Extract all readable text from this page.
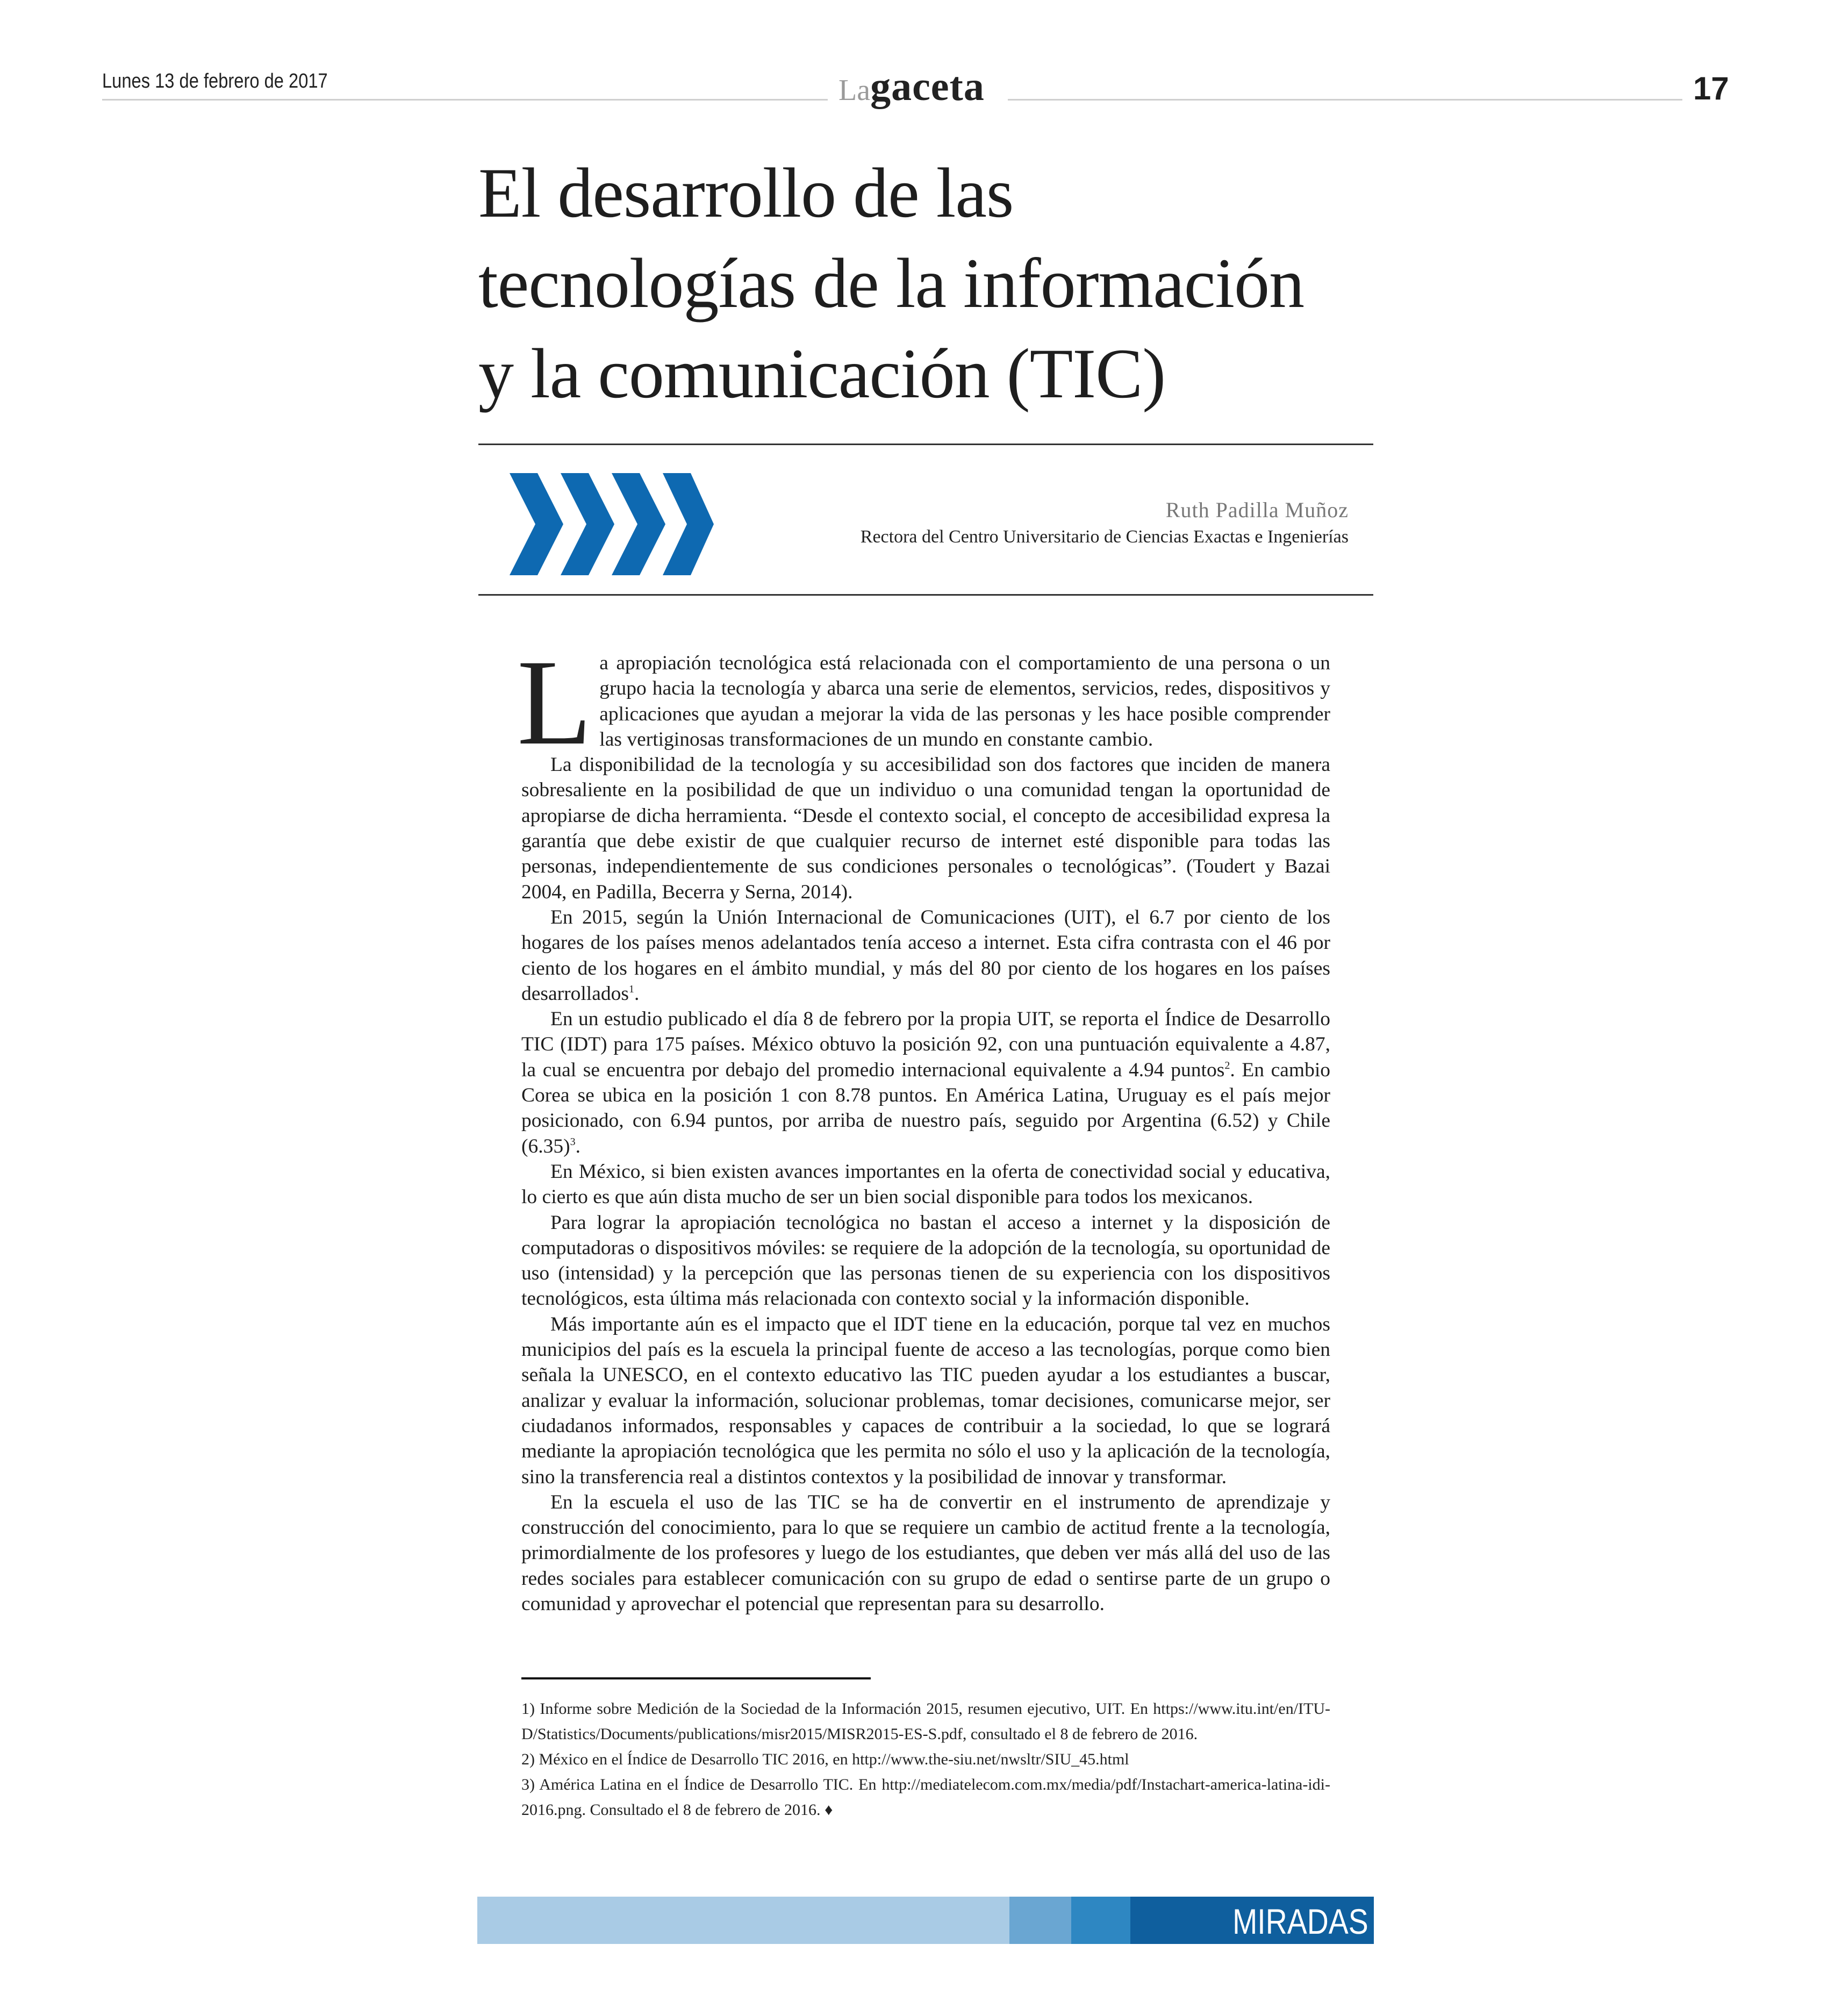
Lunes 13 de febrero de 2017	Lagaceta	17
El desarrollo de las
tecnologías de la información
y la comunicación (TIC)
Ruth Padilla Muñoz
Rectora del Centro Universitario de Ciencias Exactas e Ingenierías

La apropiación tecnológica está relacionada con el comportamiento de una persona o un grupo hacia la tecnología y abarca una serie de elementos, servicios, redes, dispositivos y aplicaciones que ayudan a mejorar la vida de las personas y les hace posible comprender las vertiginosas transformaciones de un mundo en constante cambio.

La disponibilidad de la tecnología y su accesibilidad son dos factores que inciden de manera sobresaliente en la posibilidad de que un individuo o una comunidad tengan la oportunidad de apropiarse de dicha herramienta. “Desde el contexto social, el concepto de accesibilidad expresa la garantía que debe existir de que cualquier recurso de internet esté disponible para todas las personas, independientemente de sus condiciones personales o tecnológicas”. (Toudert y Bazai 2004, en Padilla, Becerra y Serna, 2014).

En 2015, según la Unión Internacional de Comunicaciones (UIT), el 6.7 por ciento de los hogares de los países menos adelantados tenía acceso a internet. Esta cifra contrasta con el 46 por ciento de los hogares en el ámbito mundial, y más del 80 por ciento de los hogares en los países desarrollados$^1$.

En un estudio publicado el día 8 de febrero por la propia UIT, se reporta el Índice de Desarrollo TIC (IDT) para 175 países. México obtuvo la posición 92, con una puntuación equivalente a 4.87, la cual se encuentra por debajo del promedio internacional equivalente a 4.94 puntos$^2$. En cambio Corea se ubica en la posición 1 con 8.78 puntos. En América Latina, Uruguay es el país mejor posicionado, con 6.94 puntos, por arriba de nuestro país, seguido por Argentina (6.52) y Chile $(6.35)^3$.

En México, si bien existen avances importantes en la oferta de conectividad social y educativa, lo cierto es que aún dista mucho de ser un bien social disponible para todos los mexicanos.

Para lograr la apropiación tecnológica no bastan el acceso a internet y la disposición de computadoras o dispositivos móviles: se requiere de la adopción de la tecnología, su oportunidad de uso (intensidad) y la percepción que las personas tienen de su experiencia con los dispositivos tecnológicos, esta última más relacionada con contexto social y la información disponible.

Más importante aún es el impacto que el IDT tiene en la educación, porque tal vez en muchos municipios del país es la escuela la principal fuente de acceso a las tecnologías, porque como bien señala la UNESCO, en el contexto educativo las TIC pueden ayudar a los estudiantes a buscar, analizar y evaluar la información, solucionar problemas, tomar decisiones, comunicarse mejor, ser ciudadanos informados, responsables y capaces de contribuir a la sociedad, lo que se logrará mediante la apropiación tecnológica que les permita no sólo el uso y la aplicación de la tecnología, sino la transferencia real a distintos contextos y la posibilidad de innovar y transformar.

En la escuela el uso de las TIC se ha de convertir en el instrumento de aprendizaje y construcción del conocimiento, para lo que se requiere un cambio de actitud frente a la tecnología, primordialmente de los profesores y luego de los estudiantes, que deben ver más allá del uso de las redes sociales para establecer comunicación con su grupo de edad o sentirse parte de un grupo o comunidad y aprovechar el potencial que representan para su desarrollo.

1) Informe sobre Medición de la Sociedad de la Información 2015, resumen ejecutivo, UIT. En https://www.itu.int/en/ITU-D/Statistics/Documents/publications/misr2015/MISR2015-ES-S.pdf, consultado el 8 de febrero de 2016.

2) México en el Índice de Desarrollo TIC 2016, en http://www.the-siu.net/nwsltr/SIU_45.html

3) América Latina en el Índice de Desarrollo TIC. En http://mediatelecom.com.mx/media/pdf/Instachart-america-latina-idi-2016.png. Consultado el 8 de febrero de 2016. ♦

MIRADAS
